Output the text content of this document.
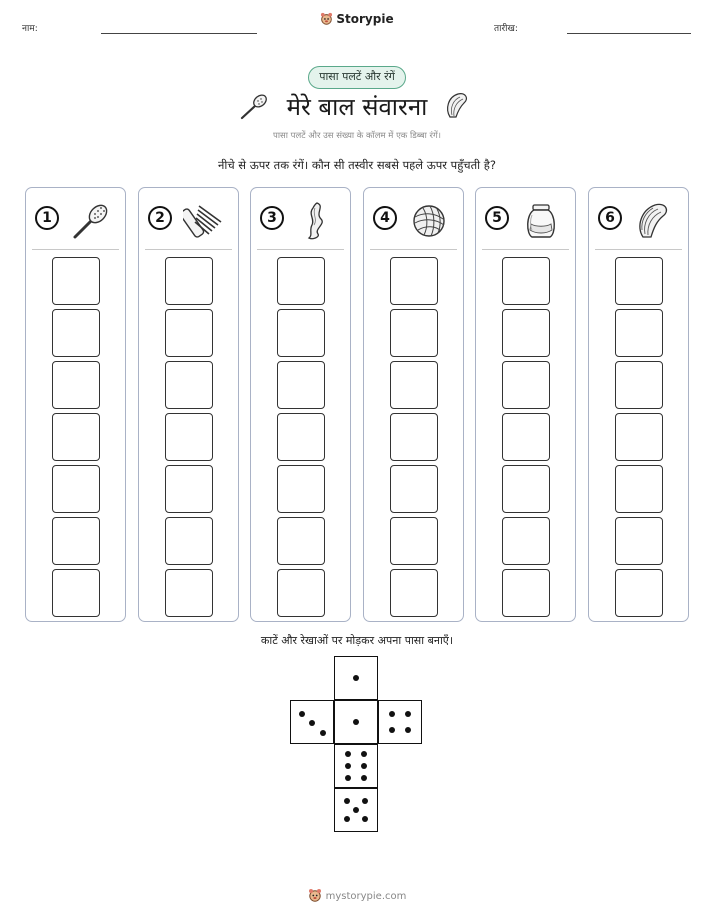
नाम:
Storypie
तारीख:
पासा पलटें और रंगें
मेरे बाल संवारना
पासा पलटें और उस संख्या के कॉलम में एक डिब्बा रंगें।
नीचे से ऊपर तक रंगें। कौन सी तस्वीर सबसे पहले ऊपर पहुँचती है?
1	2	3	4	5	6
काटें और रेखाओं पर मोड़कर अपना पासा बनाएँ।
mystorypie.com
